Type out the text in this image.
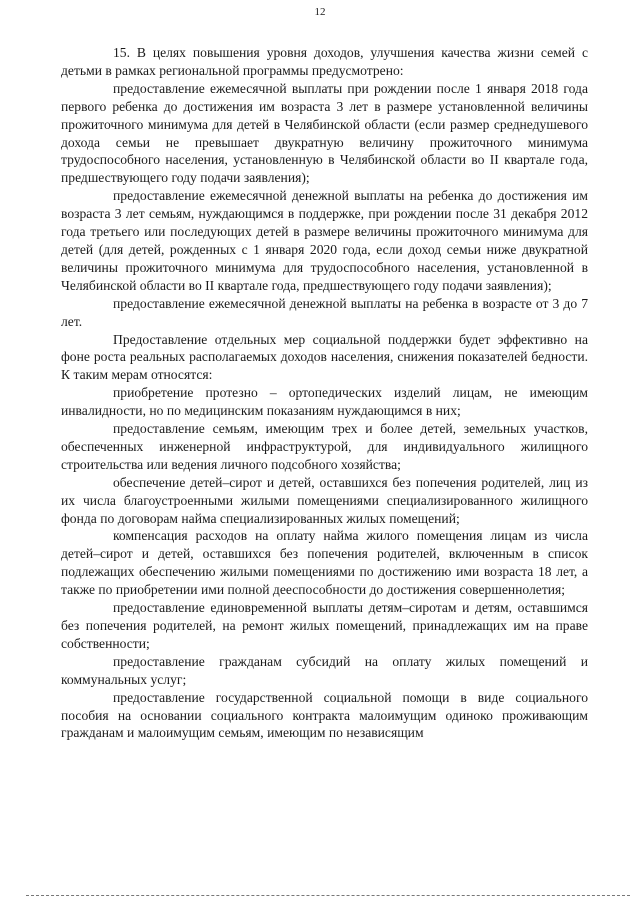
12

15. В целях повышения уровня доходов, улучшения качества жизни семей с детьми в рамках региональной программы предусмотрено:

предоставление ежемесячной выплаты при рождении после 1 января 2018 года первого ребенка до достижения им возраста 3 лет в размере установленной величины прожиточного минимума для детей в Челябинской области (если размер среднедушевого дохода семьи не превышает двукратную величину прожиточного минимума трудоспособного населения, установленную в Челябинской области во II квартале года, предшествующего году подачи заявления);

предоставление ежемесячной денежной выплаты на ребенка до достижения им возраста 3 лет семьям, нуждающимся в поддержке, при рождении после 31 декабря 2012 года третьего или последующих детей в размере величины прожиточного минимума для детей (для детей, рожденных с 1 января 2020 года, если доход семьи ниже двукратной величины прожиточного минимума для трудоспособного населения, установленной в Челябинской области во II квартале года, предшествующего году подачи заявления);

предоставление ежемесячной денежной выплаты на ребенка в возрасте от 3 до 7 лет.

Предоставление отдельных мер социальной поддержки будет эффективно на фоне роста реальных располагаемых доходов населения, снижения показателей бедности. К таким мерам относятся:

приобретение протезно – ортопедических изделий лицам, не имеющим инвалидности, но по медицинским показаниям нуждающимся в них;

предоставление семьям, имеющим трех и более детей, земельных участков, обеспеченных инженерной инфраструктурой, для индивидуального жилищного строительства или ведения личного подсобного хозяйства;

обеспечение детей–сирот и детей, оставшихся без попечения родителей, лиц из их числа благоустроенными жилыми помещениями специализированного жилищного фонда по договорам найма специализированных жилых помещений;

компенсация расходов на оплату найма жилого помещения лицам из числа детей–сирот и детей, оставшихся без попечения родителей, включенным в список подлежащих обеспечению жилыми помещениями по достижению ими возраста 18 лет, а также по приобретении ими полной дееспособности до достижения совершеннолетия;

предоставление единовременной выплаты детям–сиротам и детям, оставшимся без попечения родителей, на ремонт жилых помещений, принадлежащих им на праве собственности;

предоставление гражданам субсидий на оплату жилых помещений и коммунальных услуг;

предоставление государственной социальной помощи в виде социального пособия на основании социального контракта малоимущим одиноко проживающим гражданам и малоимущим семьям, имеющим по независящим
